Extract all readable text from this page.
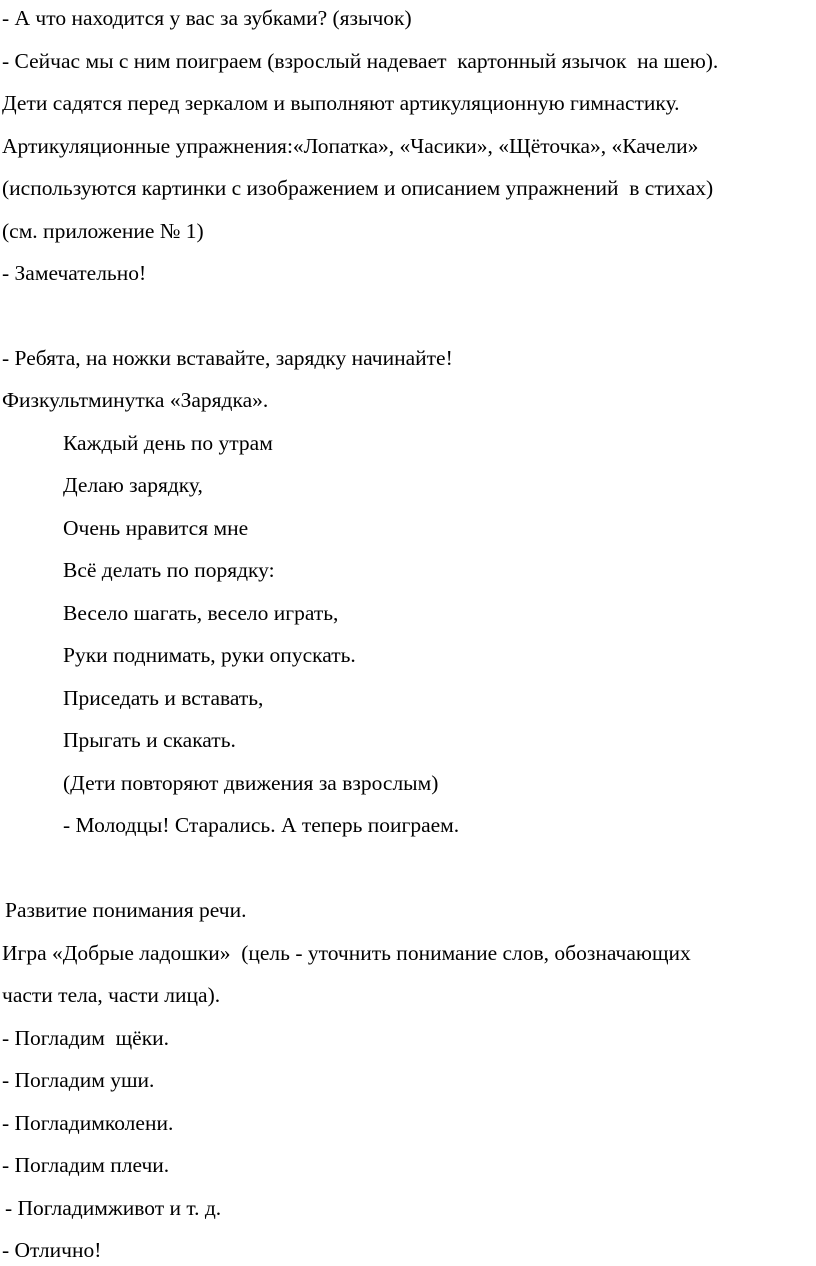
- А что находится у вас за зубками? (язычок)
- Сейчас мы с ним поиграем (взрослый надевает  картонный язычок  на шею).
Дети садятся перед зеркалом и выполняют артикуляционную гимнастику.
Артикуляционные упражнения:«Лопатка», «Часики», «Щёточка», «Качели»
(используются картинки с изображением и описанием упражнений  в стихах)
(см. приложение № 1)
- Замечательно!
- Ребята, на ножки вставайте, зарядку начинайте!
Физкультминутка «Зарядка».
Каждый день по утрам
Делаю зарядку,
Очень нравится мне
Всё делать по порядку:
Весело шагать, весело играть,
Руки поднимать, руки опускать.
Приседать и вставать,
Прыгать и скакать.
(Дети повторяют движения за взрослым)
- Молодцы! Старались. А теперь поиграем.
Развитие понимания речи.
Игра «Добрые ладошки»  (цель - уточнить понимание слов, обозначающих
части тела, части лица).
- Погладим  щёки.
- Погладим уши.
- Погладимколени.
- Погладим плечи.
- Погладимживот и т. д.
- Отлично!
